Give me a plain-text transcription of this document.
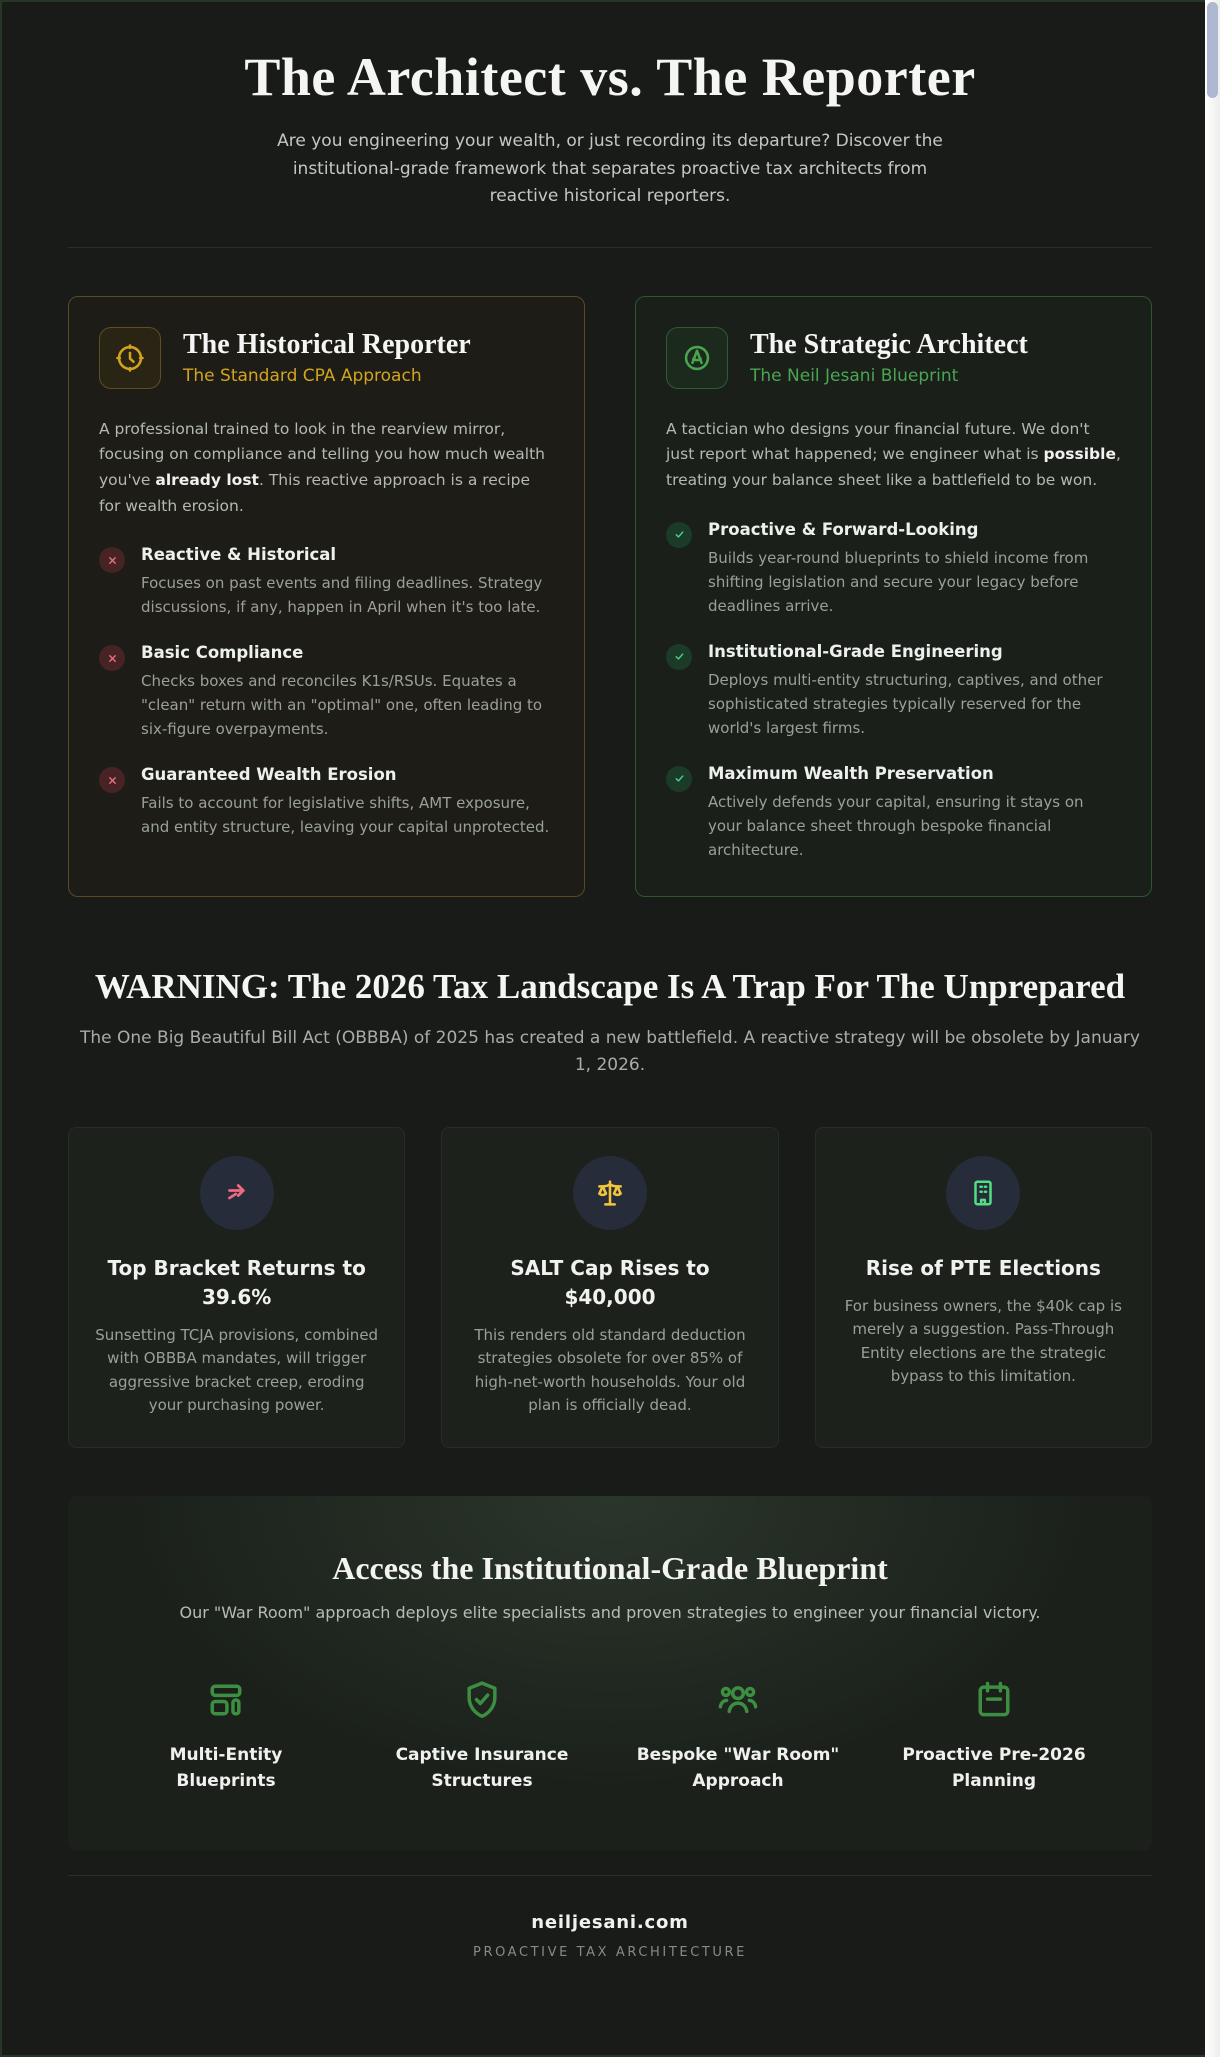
The Architect vs. The Reporter

Are you engineering your wealth, or just recording its departure? Discover the institutional-grade framework that separates proactive tax architects from reactive historical reporters.

The Historical Reporter
The Standard CPA Approach

A professional trained to look in the rearview mirror, focusing on compliance and telling you how much wealth you've already lost. This reactive approach is a recipe for wealth erosion.

Reactive & Historical
Focuses on past events and filing deadlines. Strategy discussions, if any, happen in April when it's too late.
Basic Compliance
Checks boxes and reconciles K1s/RSUs. Equates a "clean" return with an "optimal" one, often leading to six-figure overpayments.
Guaranteed Wealth Erosion
Fails to account for legislative shifts, AMT exposure, and entity structure, leaving your capital unprotected.
The Strategic Architect
The Neil Jesani Blueprint

A tactician who designs your financial future. We don't just report what happened; we engineer what is possible, treating your balance sheet like a battlefield to be won.

Proactive & Forward-Looking
Builds year-round blueprints to shield income from shifting legislation and secure your legacy before deadlines arrive.
Institutional-Grade Engineering
Deploys multi-entity structuring, captives, and other sophisticated strategies typically reserved for the world's largest firms.
Maximum Wealth Preservation
Actively defends your capital, ensuring it stays on your balance sheet through bespoke financial architecture.
WARNING: The 2026 Tax Landscape Is A Trap For The Unprepared

The One Big Beautiful Bill Act (OBBBA) of 2025 has created a new battlefield. A reactive strategy will be obsolete by January 1, 2026.

Top Bracket Returns to 39.6%
Sunsetting TCJA provisions, combined with OBBBA mandates, will trigger aggressive bracket creep, eroding your purchasing power.
SALT Cap Rises to $40,000
This renders old standard deduction strategies obsolete for over 85% of high-net-worth households. Your old plan is officially dead.
Rise of PTE Elections
For business owners, the $40k cap is merely a suggestion. Pass-Through Entity elections are the strategic bypass to this limitation.
Access the Institutional-Grade Blueprint

Our "War Room" approach deploys elite specialists and proven strategies to engineer your financial victory.

Multi-Entity Blueprints
Captive Insurance Structures
Bespoke "War Room" Approach
Proactive Pre-2026 Planning
neiljesani.com
PROACTIVE TAX ARCHITECTURE
